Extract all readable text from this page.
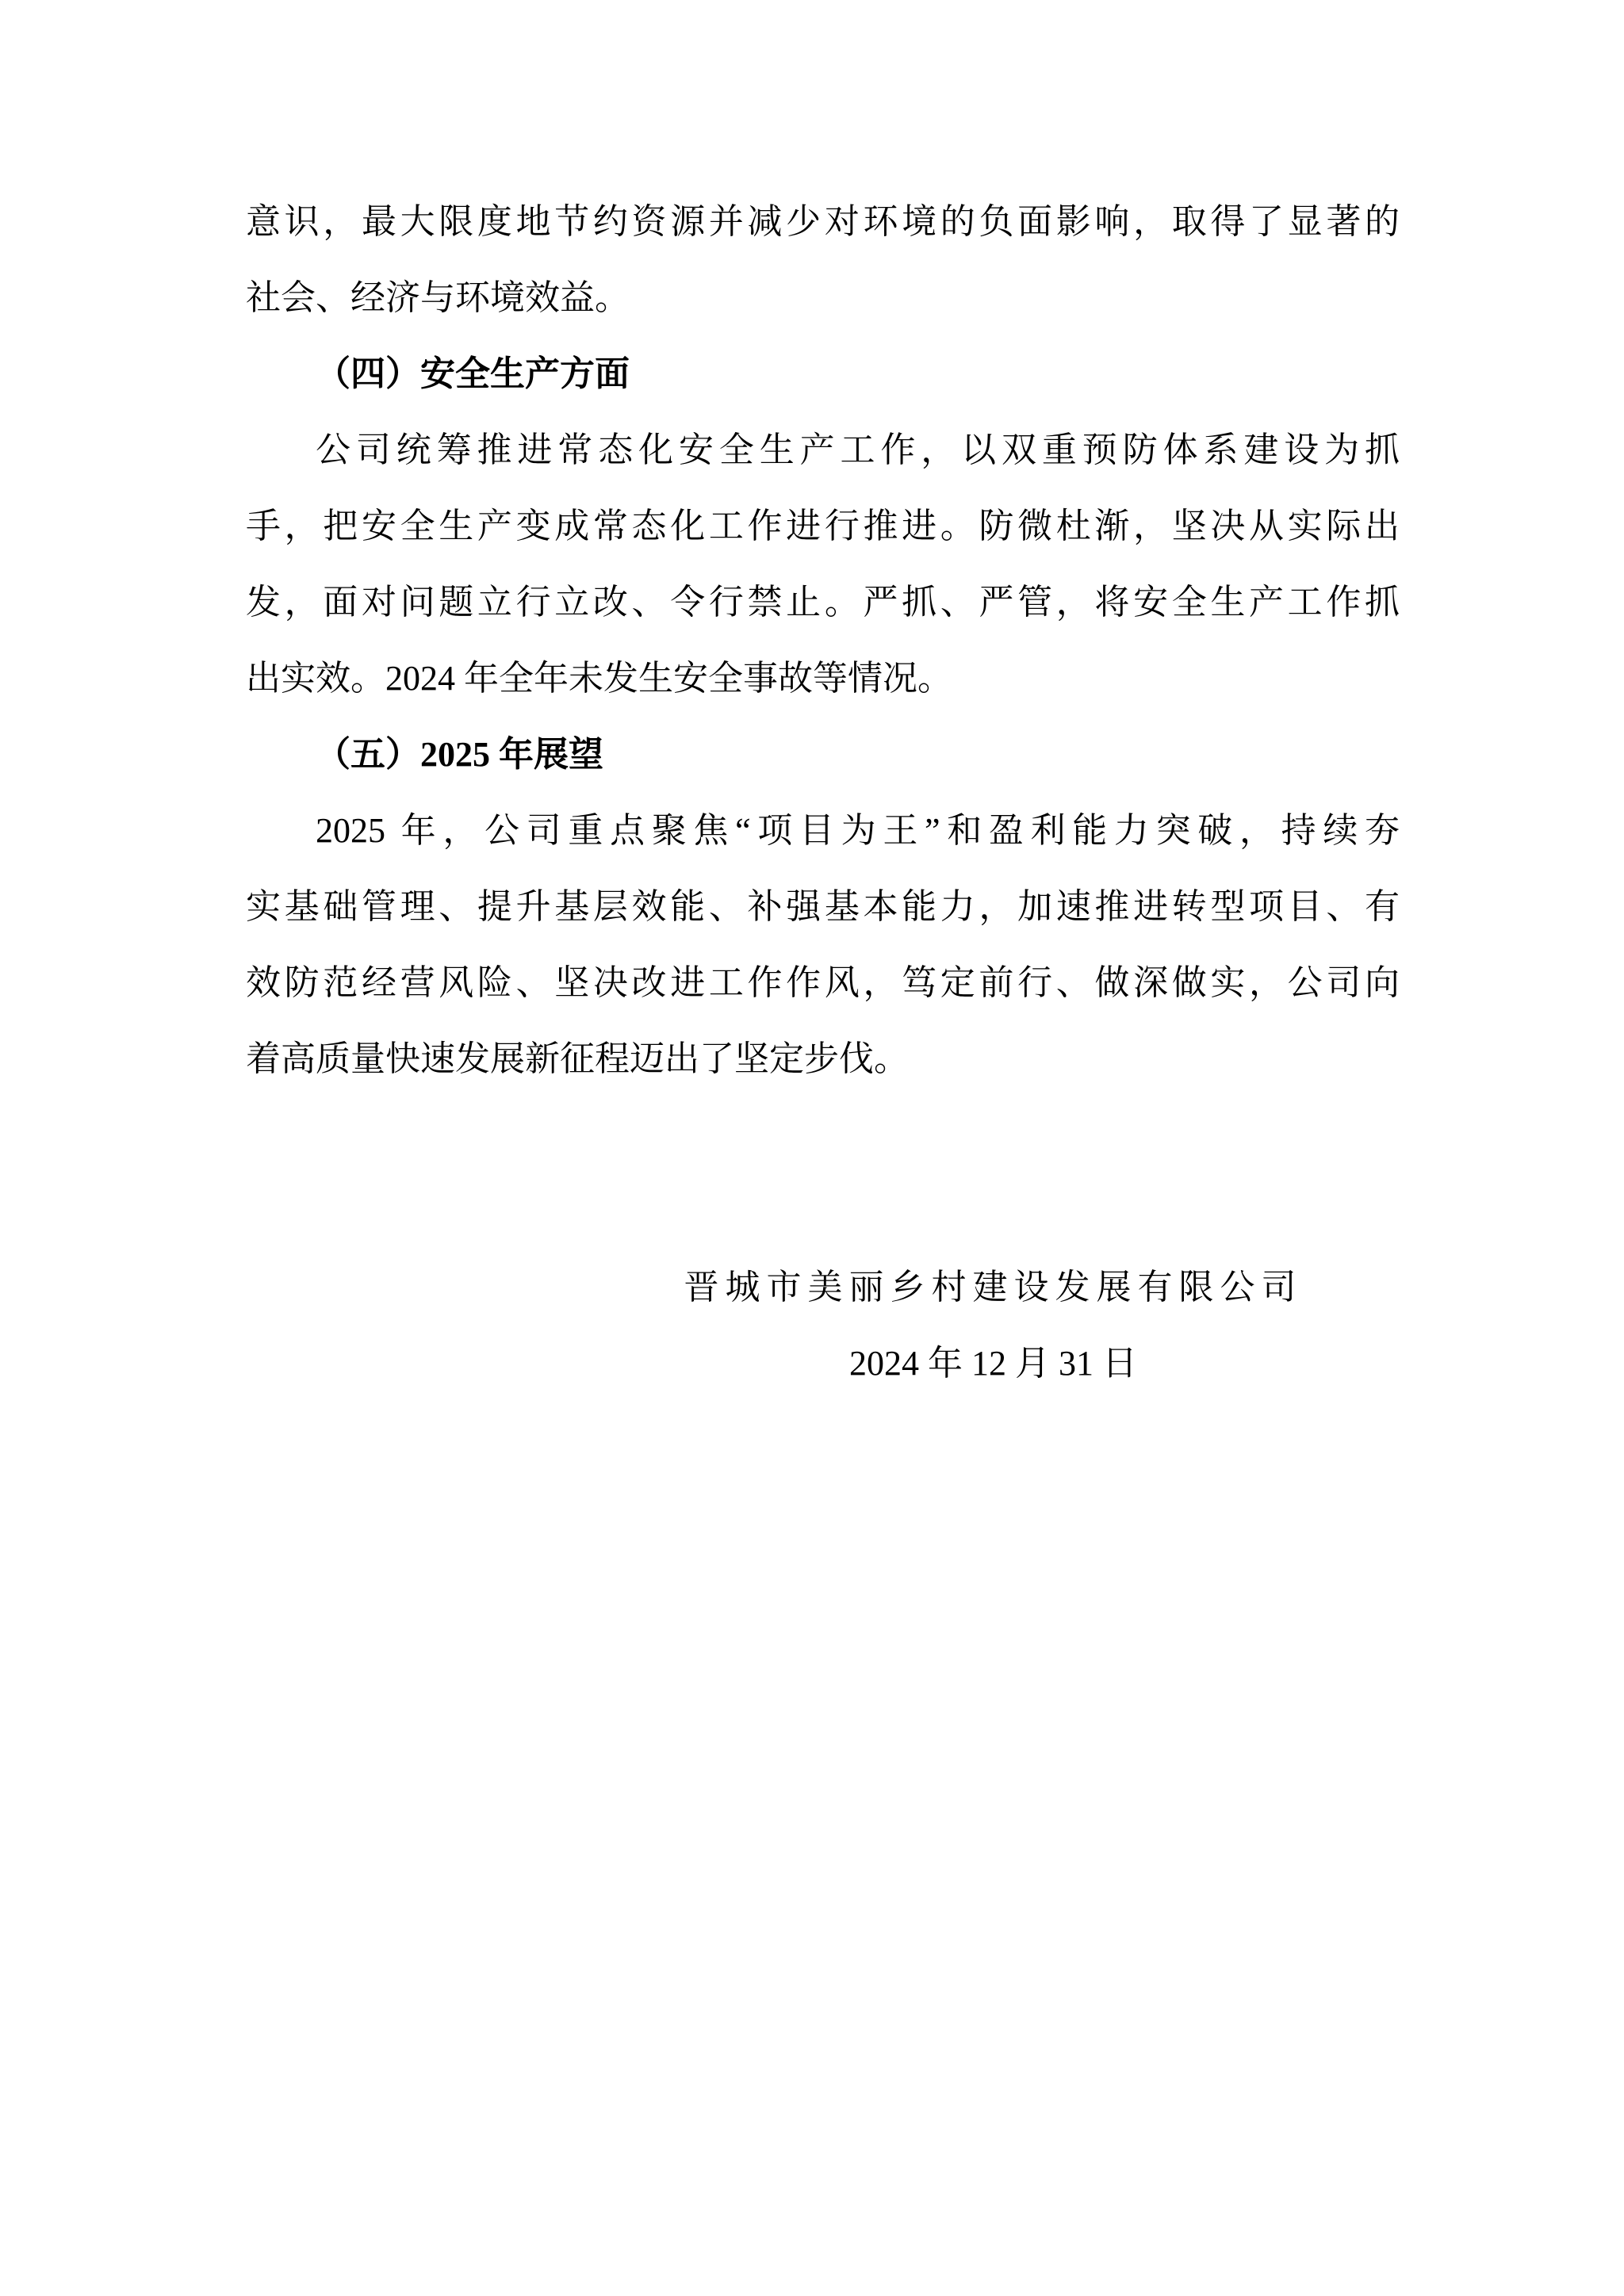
意识，最大限度地节约资源并减少对环境的负面影响，取得了显著的
社会、经济与环境效益。
（四）安全生产方面
公司统筹推进常态化安全生产工作，以双重预防体系建设为抓
手，把安全生产变成常态化工作进行推进。防微杜渐，坚决从实际出
发，面对问题立行立改、令行禁止。严抓、严管，将安全生产工作抓
出实效。2024 年全年未发生安全事故等情况。
（五）2025 年展望
2025 年，公司重点聚焦“项目为王”和盈利能力突破，持续夯
实基础管理、提升基层效能、补强基本能力，加速推进转型项目、有
效防范经营风险、坚决改进工作作风，笃定前行、做深做实，公司向
着高质量快速发展新征程迈出了坚定步伐。
晋城市美丽乡村建设发展有限公司
2024 年 12 月 31 日
